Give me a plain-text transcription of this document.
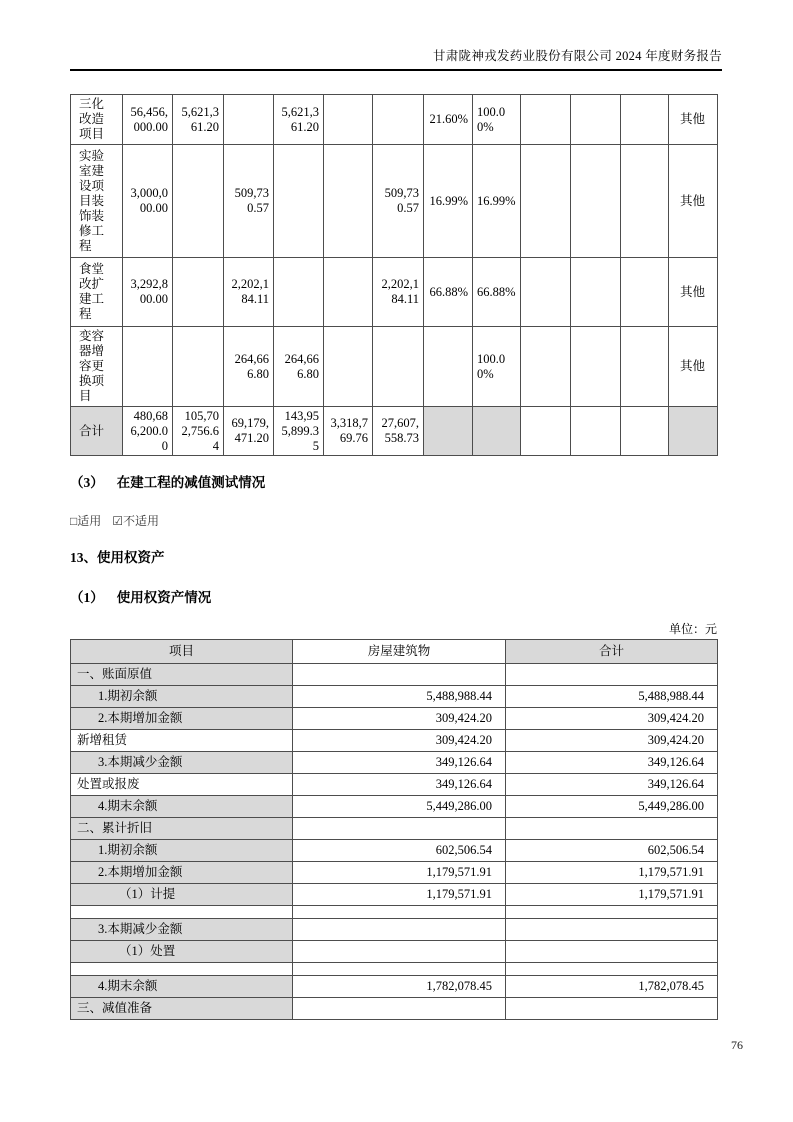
甘肃陇神戎发药业股份有限公司 2024 年度财务报告
三化改造项目	56,456,000.00	5,621,361.20		5,621,361.20			21.60%	100.00%				其他
实验室建设项目装饰装修工程	3,000,000.00		509,730.57			509,730.57	16.99%	16.99%				其他
食堂改扩建工程	3,292,800.00		2,202,184.11			2,202,184.11	66.88%	66.88%				其他
变容器增容更换项目			264,666.80	264,666.80				100.00%				其他
合计	480,686,200.00	105,702,756.64	69,179,471.20	143,955,899.35	3,318,769.76	27,607,558.73						
（3） 在建工程的减值测试情况
□适用 ☑不适用
13、使用权资产
（1） 使用权资产情况
单位：元
项目	房屋建筑物	合计
一、账面原值		
1.期初余额	5,488,988.44	5,488,988.44
2.本期增加金额	309,424.20	309,424.20
新增租赁	309,424.20	309,424.20
3.本期减少金额	349,126.64	349,126.64
处置或报废	349,126.64	349,126.64
4.期末余额	5,449,286.00	5,449,286.00
二、累计折旧		
1.期初余额	602,506.54	602,506.54
2.本期增加金额	1,179,571.91	1,179,571.91
（1）计提	1,179,571.91	1,179,571.91

3.本期减少金额		
（1）处置		

4.期末余额	1,782,078.45	1,782,078.45
三、减值准备		
76
